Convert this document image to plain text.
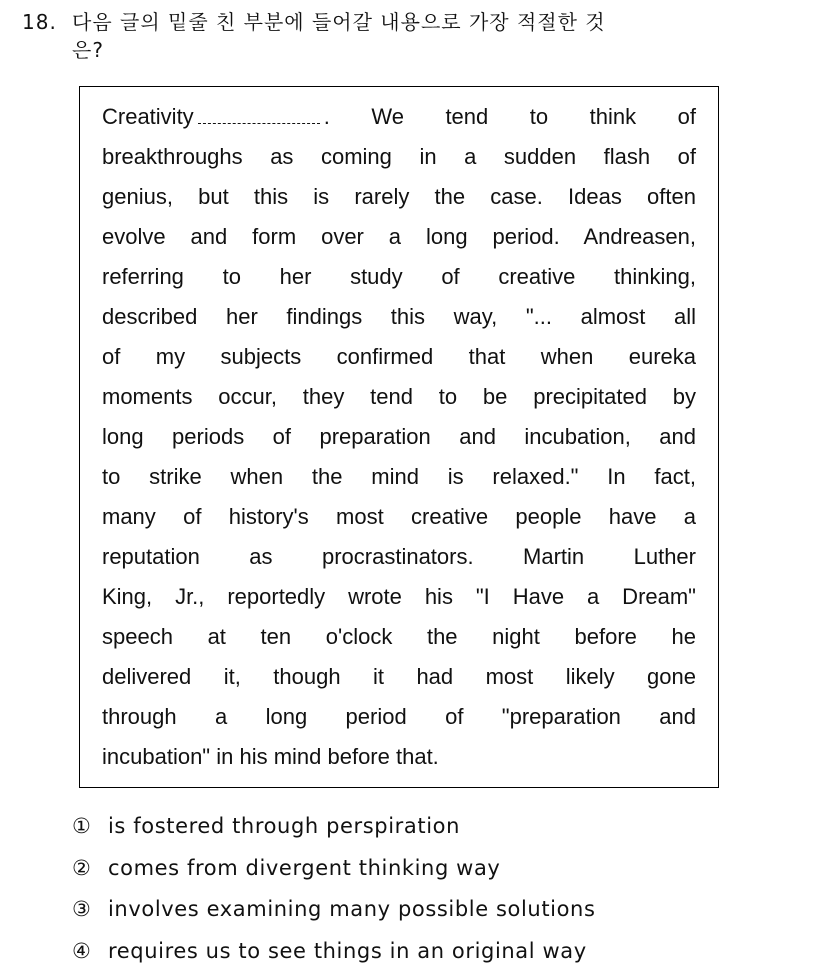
18. 다음 글의 밑줄 친 부분에 들어갈 내용으로 가장 적절한 것
은?
Creativity	. We tend to think of
breakthroughs as coming in a sudden flash of
genius, but this is rarely the case. Ideas often
evolve and form over a long period. Andreasen,
referring to her study of creative thinking,
described her findings this way, "... almost all
of my subjects confirmed that when eureka
moments occur, they tend to be precipitated by
long periods of preparation and incubation, and
to strike when the mind is relaxed." In fact,
many of history's most creative people have a
reputation as procrastinators. Martin Luther
King, Jr., reportedly wrote his "I Have a Dream"
speech at ten o'clock the night before he
delivered it, though it had most likely gone
through a long period of "preparation and
incubation" in his mind before that.
① is fostered through perspiration
② comes from divergent thinking way
③ involves examining many possible solutions
④ requires us to see things in an original way
